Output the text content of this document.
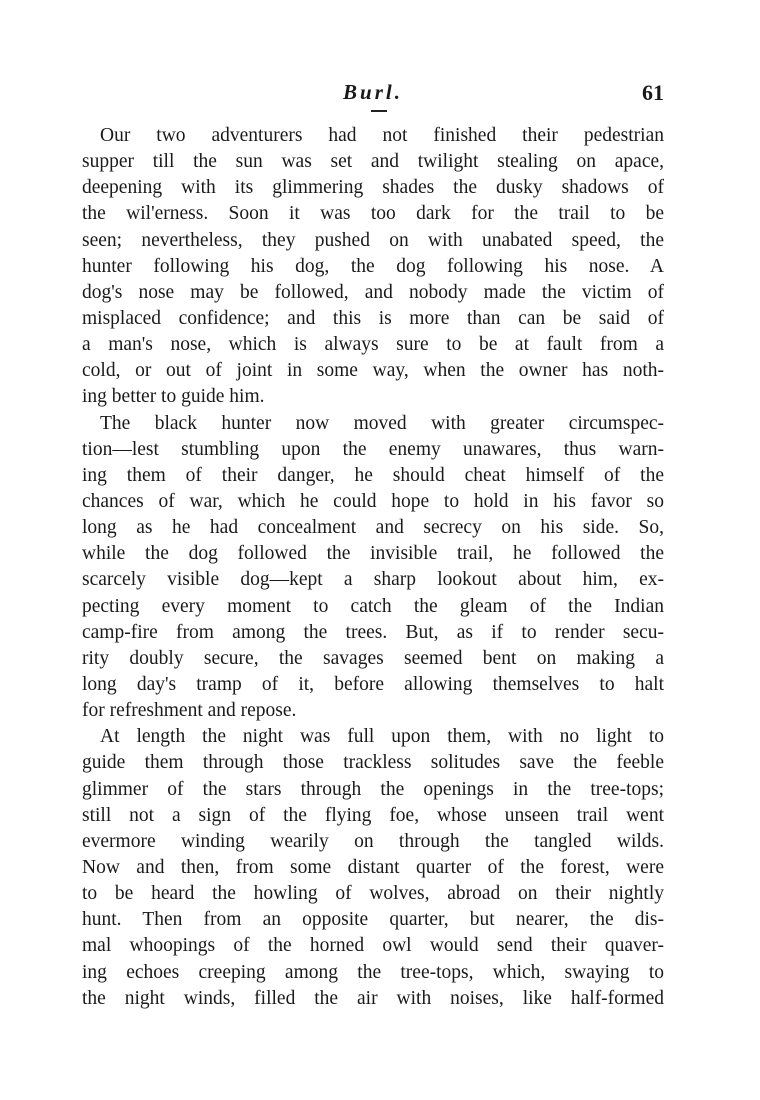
Burl.	61
Our two adventurers had not finished their pedestrian
supper till the sun was set and twilight stealing on apace,
deepening with its glimmering shades the dusky shadows of
the wil'erness. Soon it was too dark for the trail to be
seen; nevertheless, they pushed on with unabated speed, the
hunter following his dog, the dog following his nose. A
dog's nose may be followed, and nobody made the victim of
misplaced confidence; and this is more than can be said of
a man's nose, which is always sure to be at fault from a
cold, or out of joint in some way, when the owner has noth-
ing better to guide him.
The black hunter now moved with greater circumspec-
tion—lest stumbling upon the enemy unawares, thus warn-
ing them of their danger, he should cheat himself of the
chances of war, which he could hope to hold in his favor so
long as he had concealment and secrecy on his side. So,
while the dog followed the invisible trail, he followed the
scarcely visible dog—kept a sharp lookout about him, ex-
pecting every moment to catch the gleam of the Indian
camp-fire from among the trees. But, as if to render secu-
rity doubly secure, the savages seemed bent on making a
long day's tramp of it, before allowing themselves to halt
for refreshment and repose.
At length the night was full upon them, with no light to
guide them through those trackless solitudes save the feeble
glimmer of the stars through the openings in the tree-tops;
still not a sign of the flying foe, whose unseen trail went
evermore winding wearily on through the tangled wilds.
Now and then, from some distant quarter of the forest, were
to be heard the howling of wolves, abroad on their nightly
hunt. Then from an opposite quarter, but nearer, the dis-
mal whoopings of the horned owl would send their quaver-
ing echoes creeping among the tree-tops, which, swaying to
the night winds, filled the air with noises, like half-formed
